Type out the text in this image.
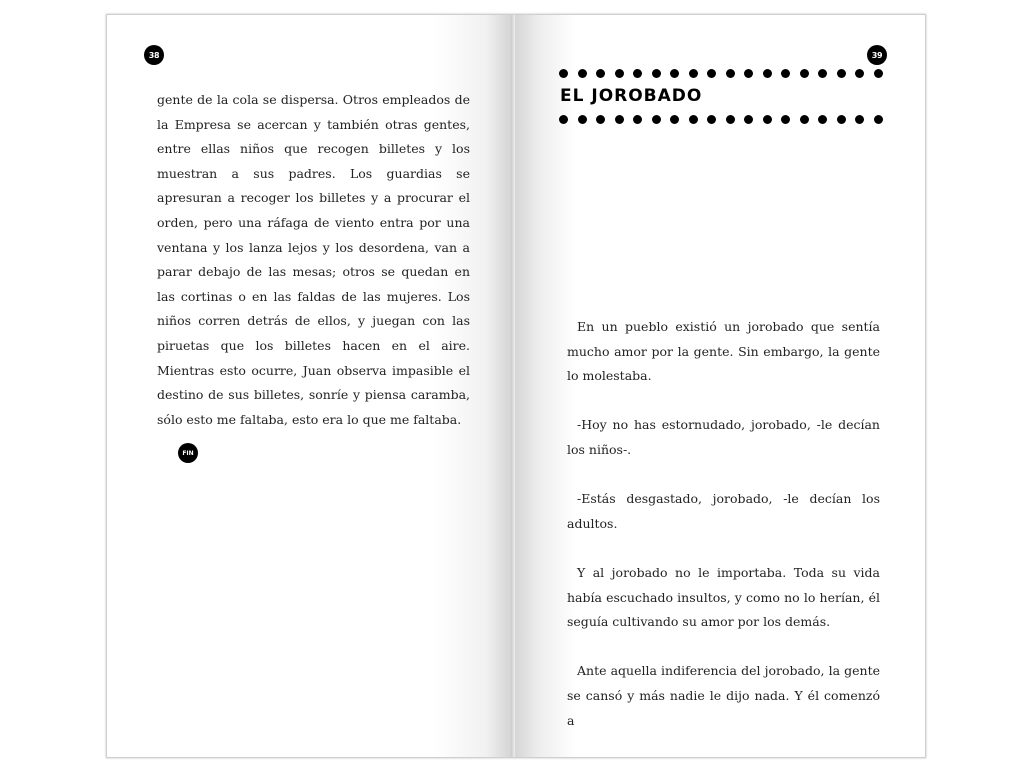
38

gente de la cola se dispersa. Otros empleados de la Empresa se acercan y también otras gentes, entre ellas niños que recogen billetes y los muestran a sus padres. Los guardias se apresuran a recoger los billetes y a procurar el orden, pero una ráfaga de viento entra por una ventana y los lanza lejos y los desordena, van a parar debajo de las mesas; otros se quedan en las cortinas o en las faldas de las mujeres. Los niños corren detrás de ellos, y juegan con las piruetas que los billetes hacen en el aire. Mientras esto ocurre, Juan observa impasible el destino de sus billetes, sonríe y piensa caramba, sólo esto me faltaba, esto era lo que me faltaba.

FIN
39
EL JOROBADO

En un pueblo existió un jorobado que sentía mucho amor por la gente. Sin embargo, la gente lo molestaba.

-Hoy no has estornudado, jorobado, -le decían los niños-.

-Estás desgastado, jorobado, -le decían los adultos.

Y al jorobado no le importaba. Toda su vida había escuchado insultos, y como no lo herían, él seguía cultivando su amor por los demás.

Ante aquella indiferencia del jorobado, la gente se cansó y más nadie le dijo nada. Y él comenzó a
